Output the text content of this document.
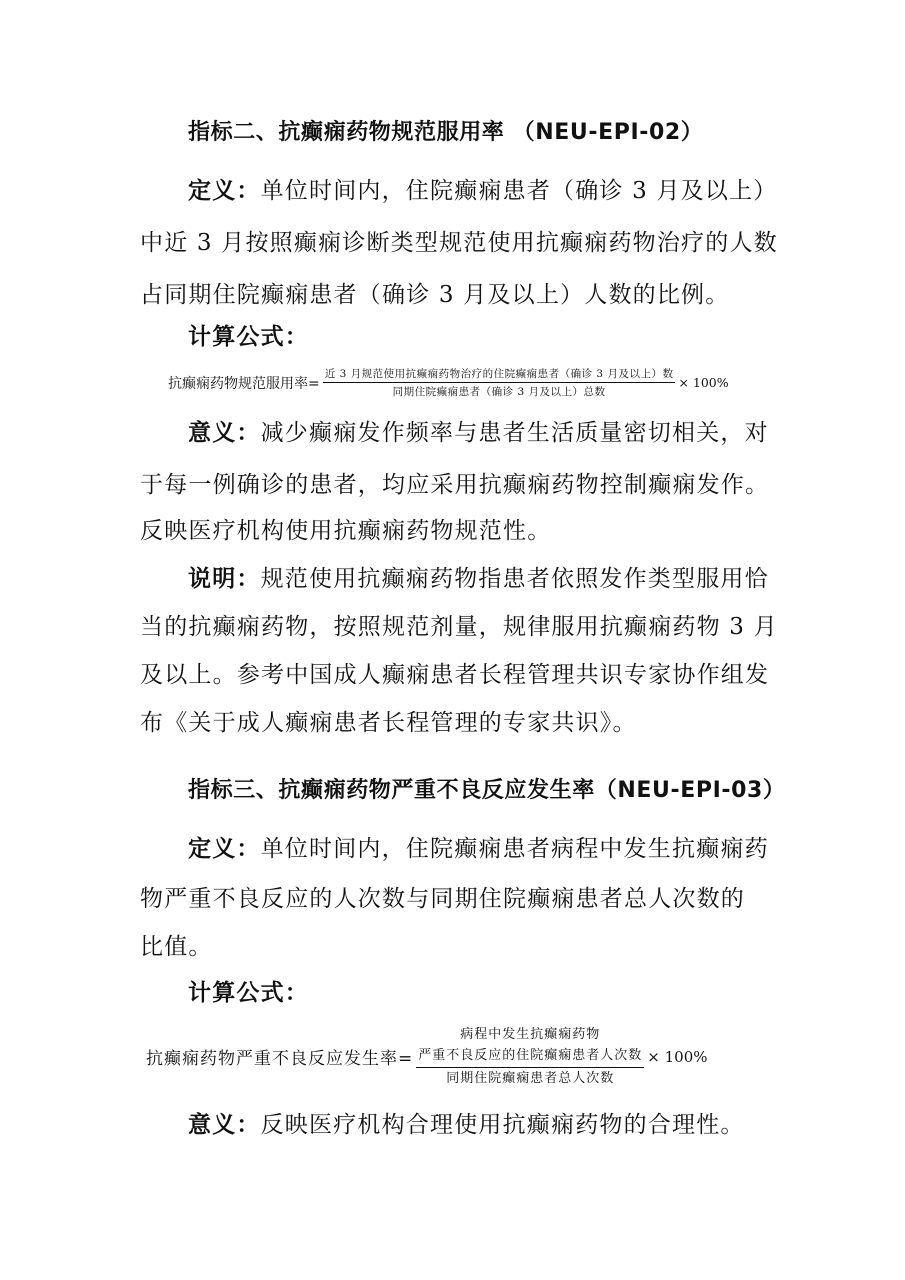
指标二、抗癫痫药物规范服用率 （NEU-EPI-02）
定义：单位时间内，住院癫痫患者（确诊 3 月及以上）
中近 3 月按照癫痫诊断类型规范使用抗癫痫药物治疗的人数
占同期住院癫痫患者（确诊 3 月及以上）人数的比例。
计算公式：
抗癫痫药物规范服用率= $\frac{\text{近 3 月规范使用抗癫痫药物治疗的住院癫痫患者（确诊 3 月及以上）数}}{\text{同期住院癫痫患者（确诊 3 月及以上）总数}} \times 100\%$
意义：减少癫痫发作频率与患者生活质量密切相关，对
于每一例确诊的患者，均应采用抗癫痫药物控制癫痫发作。
反映医疗机构使用抗癫痫药物规范性。
说明：规范使用抗癫痫药物指患者依照发作类型服用恰
当的抗癫痫药物，按照规范剂量，规律服用抗癫痫药物 3 月
及以上。参考中国成人癫痫患者长程管理共识专家协作组发
布《关于成人癫痫患者长程管理的专家共识》。
指标三、抗癫痫药物严重不良反应发生率（NEU-EPI-03）
定义：单位时间内，住院癫痫患者病程中发生抗癫痫药
物严重不良反应的人次数与同期住院癫痫患者总人次数的
比值。
计算公式：
抗癫痫药物严重不良反应发生率=
病程中发生抗癫痫药物
严重不良反应的住院癫痫患者人次数
同期住院癫痫患者总人次数
× 100%
意义：反映医疗机构合理使用抗癫痫药物的合理性。
